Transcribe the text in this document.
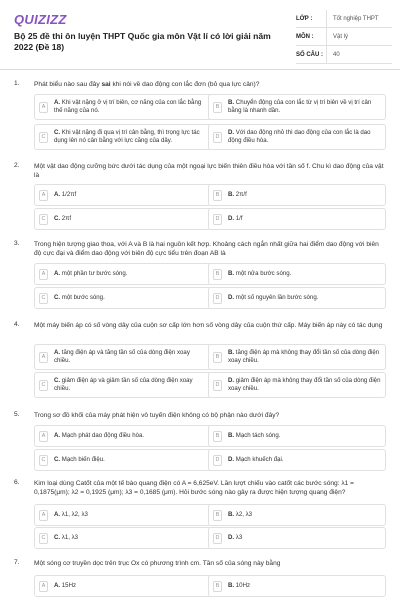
QUIZIZZ
Bộ 25 đề thi ôn luyện THPT Quốc gia môn Vật lí có lời giải năm 2022 (Đề 18)
LỚP :	Tốt nghiệp THPT
MÔN :	Vật lý
SỐ CÂU :	40
1. Phát biểu nào sau đây sai khi nói về dao động con lắc đơn (bỏ qua lực cản)?
A
A. Khi vật nặng ở vị trí biên, cơ năng của con lắc bằng thế năng của nó.	B
B. Chuyển động của con lắc từ vị trí biên về vị trí cân bằng là nhanh dần.
C
C. Khi vật nặng đi qua vị trí cân bằng, thì trọng lực tác dụng lên nó cân bằng với lực căng của dây.	D
D. Với dao động nhỏ thì dao động của con lắc là dao động điều hòa.
2. Một vật dao động cưỡng bức dưới tác dụng của một ngoại lực biến thiên điều hòa với tần số f. Chu kì dao động của vật là
A	A. 1/2πf	B	B. 2π/f
C	C. 2πf	D	D. 1/f
3. Trong hiện tượng giao thoa, với A và B là hai nguồn kết hợp. Khoảng cách ngắn nhất giữa hai điểm dao động với biên độ cực đại và điểm dao động với biên độ cực tiểu trên đoạn AB là
A	A. một phần tư bước sóng.	B	B. một nửa bước sóng.
C	C. một bước sóng.	D	D. một số nguyên lần bước sóng.
4. Một máy biến áp có số vòng dây của cuộn sơ cấp lớn hơn số vòng dây của cuộn thứ cấp. Máy biến áp này có tác dụng
A
A. tăng điện áp và tăng tần số của dòng điện xoay chiều.	B
B. tăng điện áp mà không thay đổi tần số của dòng điện xoay chiều.
C
C. giảm điện áp và giảm tần số của dòng điện xoay chiều.	D
D. giảm điện áp mà không thay đổi tần số của dòng điện xoay chiều.
5. Trong sơ đồ khối của máy phát hiện vô tuyến điện không có bộ phận nào dưới đây?
A	A. Mạch phát dao động điều hòa.	B	B. Mạch tách sóng.
C	C. Mạch biến điệu.	D	D. Mạch khuếch đại.
6. Kim loại dùng Catốt của một tế bào quang điện có A = 6,625eV. Lần lượt chiếu vào catốt các bước sóng: λ1 = 0,1875(μm); λ2 = 0,1925 (μm); λ3 = 0,1685 (μm). Hỏi bước sóng nào gây ra được hiện tượng quang điện?
A	A. λ1, λ2, λ3	B	B. λ2, λ3
C	C. λ1, λ3	D	D. λ3
7. Một sóng cơ truyền dọc trên trục Ox có phương trình cm. Tần số của sóng này bằng
A	A. 15Hz	B	B. 10Hz
